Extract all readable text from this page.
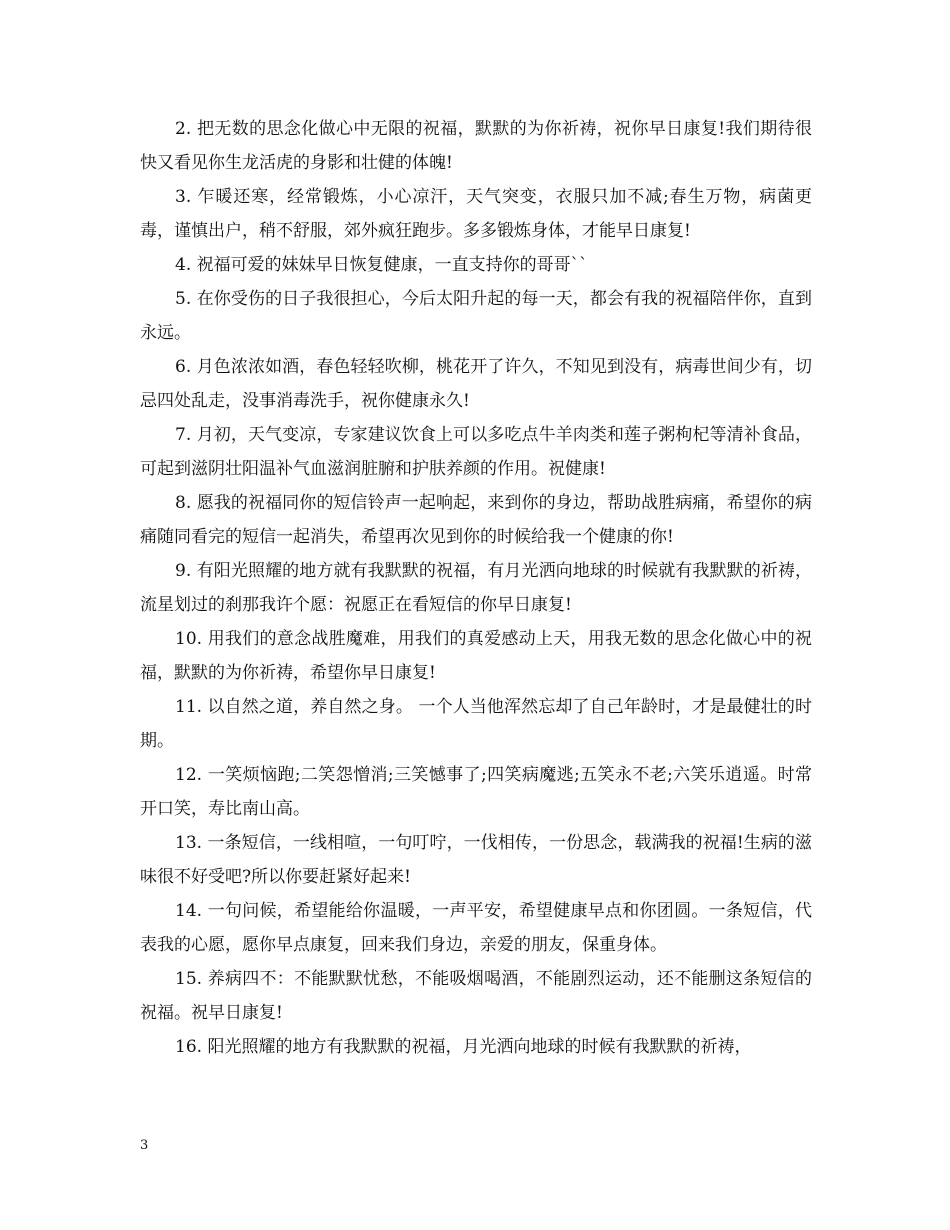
2. 把无数的思念化做心中无限的祝福，默默的为你祈祷，祝你早日康复!我们期待很快又看见你生龙活虎的身影和壮健的体魄!

3. 乍暖还寒，经常锻炼，小心凉汗，天气突变，衣服只加不减;春生万物，病菌更毒，谨慎出户，稍不舒服，郊外疯狂跑步。多多锻炼身体，才能早日康复!

4. 祝福可爱的妹妹早日恢复健康，一直支持你的哥哥``

5. 在你受伤的日子我很担心，今后太阳升起的每一天，都会有我的祝福陪伴你，直到永远。

6. 月色浓浓如酒，春色轻轻吹柳，桃花开了许久，不知见到没有，病毒世间少有，切忌四处乱走，没事消毒洗手，祝你健康永久!

7. 月初，天气变凉，专家建议饮食上可以多吃点牛羊肉类和莲子粥枸杞等清补食品，可起到滋阴壮阳温补气血滋润脏腑和护肤养颜的作用。祝健康!

8. 愿我的祝福同你的短信铃声一起响起，来到你的身边，帮助战胜病痛，希望你的病痛随同看完的短信一起消失，希望再次见到你的时候给我一个健康的你!

9. 有阳光照耀的地方就有我默默的祝福，有月光洒向地球的时候就有我默默的祈祷，流星划过的刹那我许个愿：祝愿正在看短信的你早日康复!

10. 用我们的意念战胜魔难，用我们的真爱感动上天，用我无数的思念化做心中的祝福，默默的为你祈祷，希望你早日康复!

11. 以自然之道，养自然之身。 一个人当他浑然忘却了自己年龄时，才是最健壮的时期。

12. 一笑烦恼跑;二笑怨憎消;三笑憾事了;四笑病魔逃;五笑永不老;六笑乐逍遥。时常开口笑，寿比南山高。

13. 一条短信，一线相喧，一句叮咛，一伐相传，一份思念，载满我的祝福!生病的滋味很不好受吧?所以你要赶紧好起来!

14. 一句问候，希望能给你温暖，一声平安，希望健康早点和你团圆。一条短信，代表我的心愿，愿你早点康复，回来我们身边，亲爱的朋友，保重身体。

15. 养病四不：不能默默忧愁，不能吸烟喝酒，不能剧烈运动，还不能删这条短信的祝福。祝早日康复!

16. 阳光照耀的地方有我默默的祝福，月光洒向地球的时候有我默默的祈祷，

3
